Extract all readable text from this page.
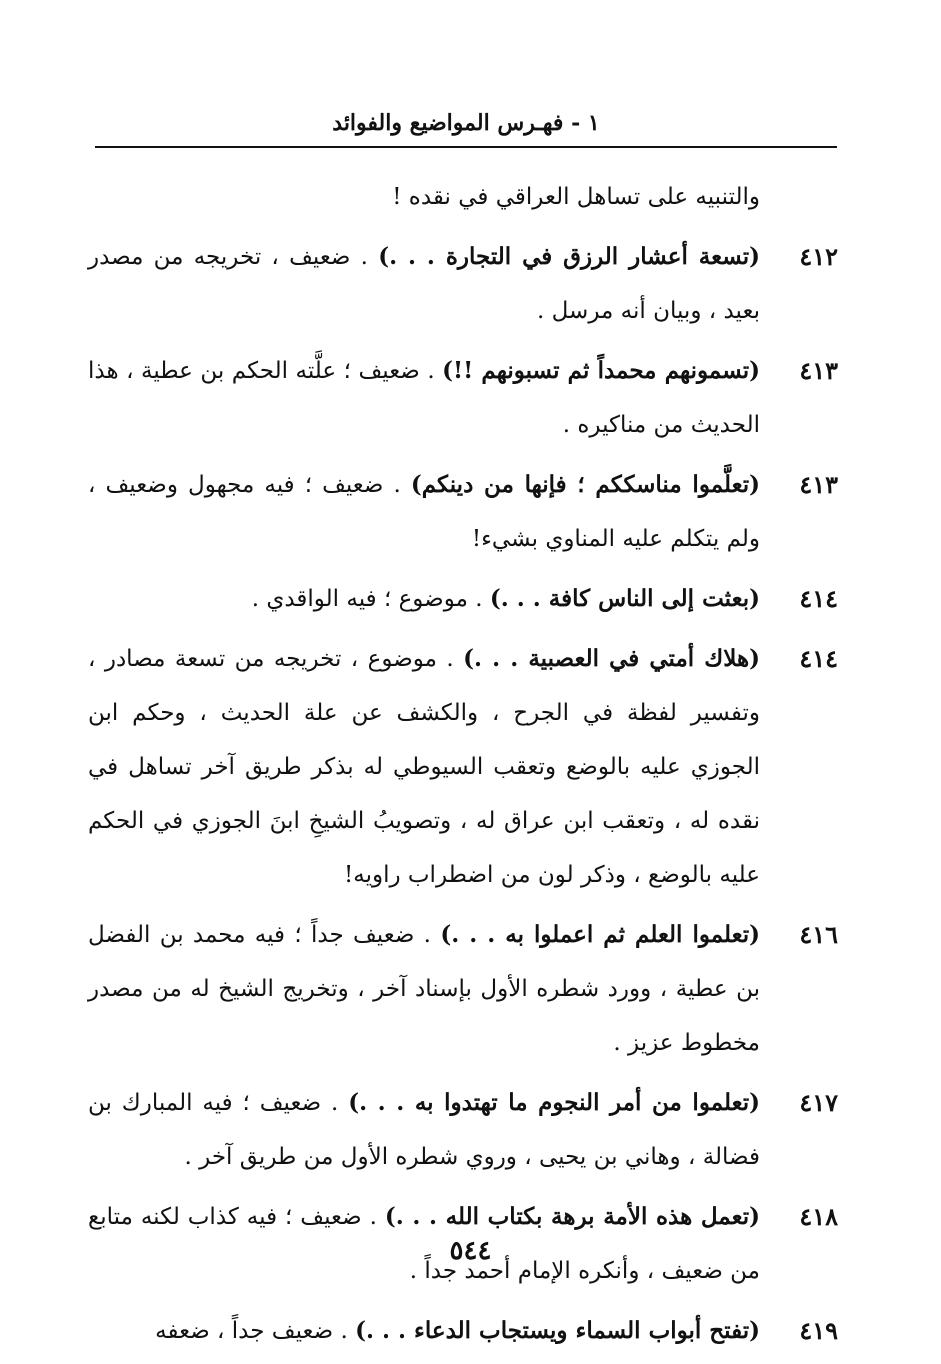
١ - فهـرس المواضيع والفوائد
والتنبيه على تساهل العراقي في نقده !
٤١٢
(تسعة أعشار الرزق في التجارة . . .) . ضعيف ، تخريجه من مصدر بعيد ، وبيان أنه مرسل .
٤١٣
(تسمونهم محمداً ثم تسبونهم !!) . ضعيف ؛ علَّته الحكم بن عطية ، هذا الحديث من مناكيره .
٤١٣
(تعلَّموا مناسككم ؛ فإنها من دينكم) . ضعيف ؛ فيه مجهول وضعيف ، ولم يتكلم عليه المناوي بشيء!
٤١٤
(بعثت إلى الناس كافة . . .) . موضوع ؛ فيه الواقدي .
٤١٤
(هلاك أمتي في العصبية . . .) . موضوع ، تخريجه من تسعة مصادر ، وتفسير لفظة في الجرح ، والكشف عن علة الحديث ، وحكم ابن الجوزي عليه بالوضع وتعقب السيوطي له بذكر طريق آخر تساهل في نقده له ، وتعقب ابن عراق له ، وتصويبُ الشيخِ ابنَ الجوزي في الحكم عليه بالوضع ، وذكر لون من اضطراب راويه!
٤١٦
(تعلموا العلم ثم اعملوا به . . .) . ضعيف جداً ؛ فيه محمد بن الفضل بن عطية ، وورد شطره الأول بإسناد آخر ، وتخريج الشيخ له من مصدر مخطوط عزيز .
٤١٧
(تعلموا من أمر النجوم ما تهتدوا به . . .) . ضعيف ؛ فيه المبارك بن فضالة ، وهاني بن يحيى ، وروي شطره الأول من طريق آخر .
٤١٨
(تعمل هذه الأمة برهة بكتاب الله . . .) . ضعيف ؛ فيه كذاب لكنه متابع من ضعيف ، وأنكره الإمام أحمد جداً .
٤١٩
(تفتح أبواب السماء ويستجاب الدعاء . . .) . ضعيف جداً ، ضعفه
٥٤٤
